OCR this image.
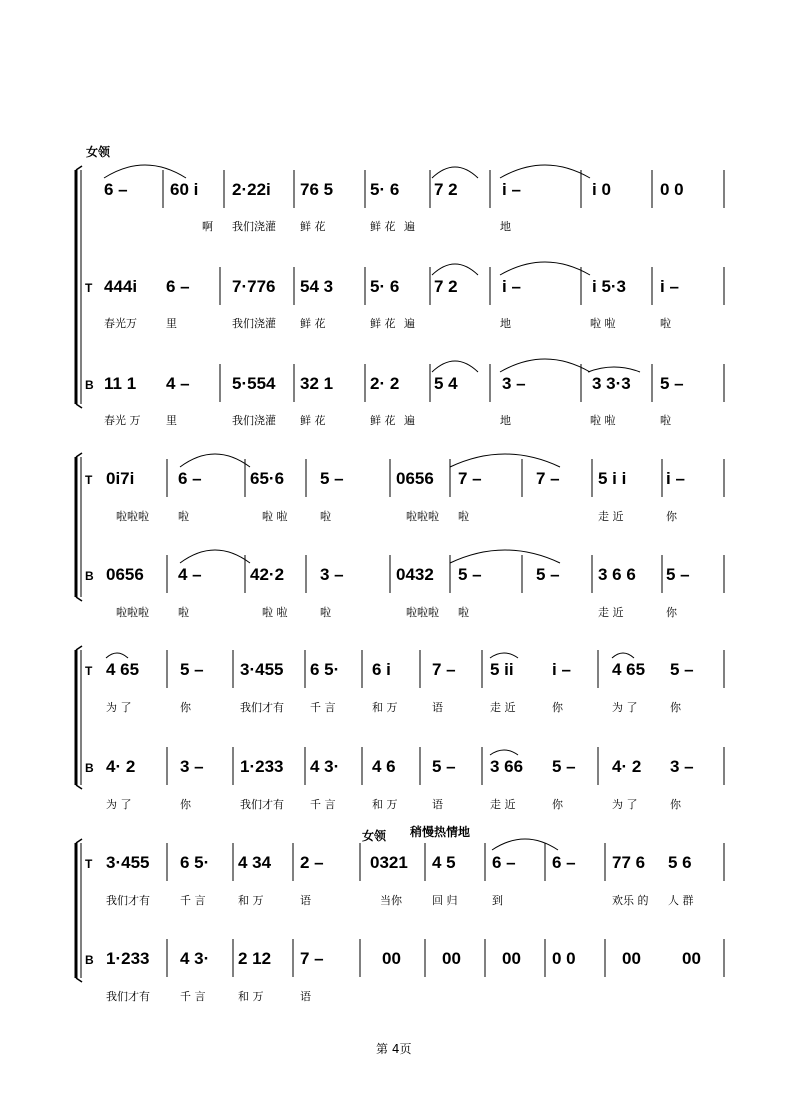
女领
女领 稍慢热情地
6 – 60 i 2·22i 76 5 5· 6 7 2	i –	i 0	0 0
啊 我们浇灌 鲜 花	鲜 花 遍	地
T 444i 6 – 7·776 54 3 5· 6 7 2	i –	i 5·3 i –
春光万	里	我们浇灌 鲜 花	鲜 花 遍	地	啦 啦	啦
B 11 1 4 – 5·554 32 1 2· 2 5 4	3 –	3 3·3 5 –
春光 万 里	我们浇灌 鲜 花	鲜 花 遍	地	啦 啦	啦
T 0i7i	6 –	65·6 5 –	0656 7 –	7 – 5 i i i –
啦啦啦	啦	啦 啦	啦	啦啦啦 啦	走 近	你
B 0656 4 –	42·2 3 –	0432 5 –	5 – 3 6 6 5 –
啦啦啦	啦	啦 啦	啦	啦啦啦 啦	走 近	你
T 4 65 5 – 3·455 6 5· 6 i 7 – 5 ii i – 4 65 5 –
为 了	你	我们才有 千 言	和 万	语	走 近	你	为 了	你
B 4· 2	3 – 1·233 4 3· 4 6 5 – 3 66 5 – 4· 2 3 –
为 了	你	我们才有 千 言	和 万	语	走 近	你	为 了	你
T 3·455 6 5· 4 34 2 –	0321 4 5 6 – 6 – 77 6 5 6
我们才有	千 言	和 万	语	当你	回 归	到	欢乐 的 人 群
B 1·233 4 3· 2 12 7 –	00 00 00 0 0	00 00
我们才有	千 言	和 万	语
第 4页
